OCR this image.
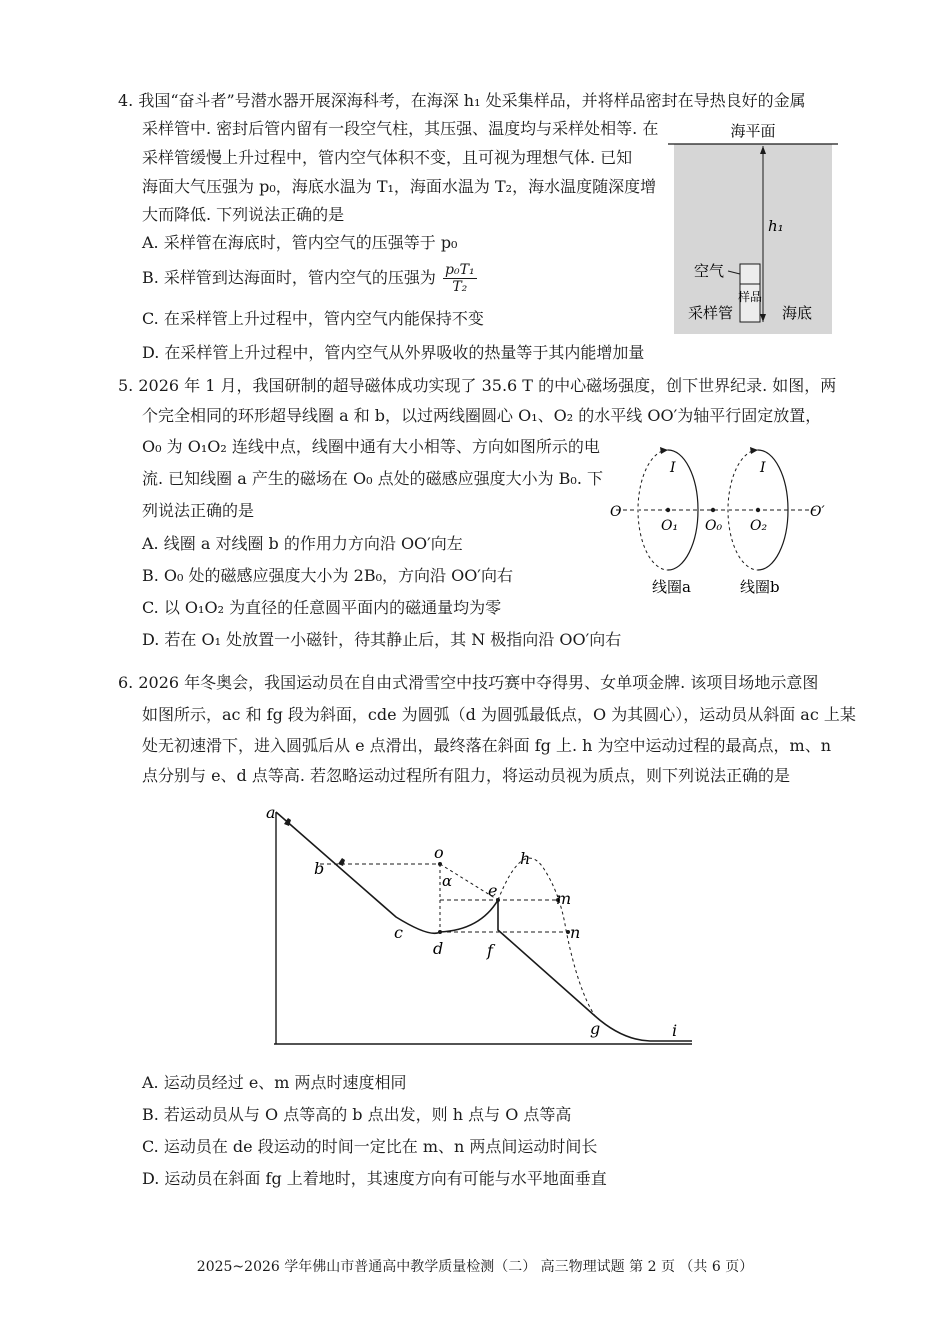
4. 我国“奋斗者”号潜水器开展深海科考，在海深 h₁ 处采集样品，并将样品密封在导热良好的金属
采样管中. 密封后管内留有一段空气柱，其压强、温度均与采样处相等. 在
采样管缓慢上升过程中，管内空气体积不变，且可视为理想气体. 已知
海面大气压强为 p₀，海底水温为 T₁，海面水温为 T₂，海水温度随深度增
大而降低. 下列说法正确的是
A. 采样管在海底时，管内空气的压强等于 p₀
B. 采样管到达海面时，管内空气的压强为 $\frac{\text{p₀T₁}}{\text{T₂}}$
C. 在采样管上升过程中，管内空气内能保持不变
D. 在采样管上升过程中，管内空气从外界吸收的热量等于其内能增加量
海平面
h₁
样品
空气
采样管	海底
5. 2026 年 1 月，我国研制的超导磁体成功实现了 35.6 T 的中心磁场强度，创下世界纪录. 如图，两
个完全相同的环形超导线圈 a 和 b，以过两线圈圆心 O₁、O₂ 的水平线 OO′为轴平行固定放置，
O₀ 为 O₁O₂ 连线中点，线圈中通有大小相等、方向如图所示的电
流. 已知线圈 a 产生的磁场在 O₀ 点处的磁感应强度大小为 B₀. 下
列说法正确的是
A. 线圈 a 对线圈 b 的作用力方向沿 OO′向左
B. O₀ 处的磁感应强度大小为 2B₀，方向沿 OO′向右
C. 以 O₁O₂ 为直径的任意圆平面内的磁通量均为零
D. 若在 O₁ 处放置一小磁针，待其静止后，其 N 极指向沿 OO′向右
O	O′
O₁ O₀ O₂
I	I
线圈a	线圈b
6. 2026 年冬奥会，我国运动员在自由式滑雪空中技巧赛中夺得男、女单项金牌. 该项目场地示意图
如图所示，ac 和 fg 段为斜面，cde 为圆弧（d 为圆弧最低点，O 为其圆心），运动员从斜面 ac 上某
处无初速滑下，进入圆弧后从 e 点滑出，最终落在斜面 fg 上. h 为空中运动过程的最高点，m、n
点分别与 e、d 点等高. 若忽略运动过程所有阻力，将运动员视为质点，则下列说法正确的是
a
b
o
α
h
e	m
c
d	f
n
g	i
A. 运动员经过 e、m 两点时速度相同
B. 若运动员从与 O 点等高的 b 点出发，则 h 点与 O 点等高
C. 运动员在 de 段运动的时间一定比在 m、n 两点间运动时间长
D. 运动员在斜面 fg 上着地时，其速度方向有可能与水平地面垂直
2025~2026 学年佛山市普通高中教学质量检测（二） 高三物理试题 第 2 页 （共 6 页）
